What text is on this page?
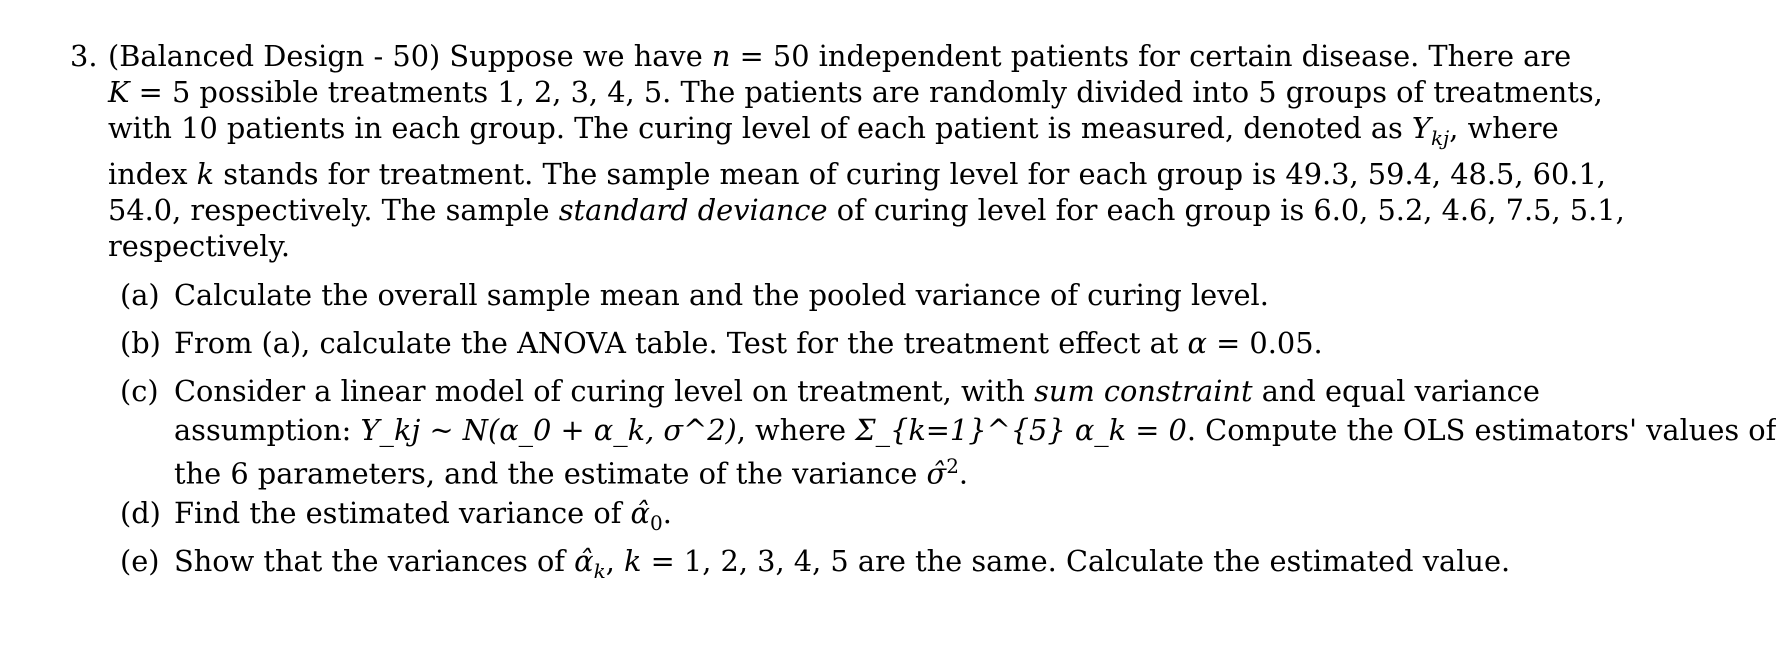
3. (Balanced Design - 50) Suppose we have n = 50 independent patients for certain disease. There are
K = 5 possible treatments 1, 2, 3, 4, 5. The patients are randomly divided into 5 groups of treatments,
with 10 patients in each group. The curing level of each patient is measured, denoted as $Y_{kj}$, where
index k stands for treatment. The sample mean of curing level for each group is 49.3, 59.4, 48.5, 60.1,
54.0, respectively. The sample standard deviance of curing level for each group is 6.0, 5.2, 4.6, 7.5, 5.1,
respectively.
(a) Calculate the overall sample mean and the pooled variance of curing level.
(b) From (a), calculate the ANOVA table. Test for the treatment effect at α = 0.05.
(c) Consider a linear model of curing level on treatment, with sum constraint and equal variance
assumption: Y_kj ~ N(α_0 + α_k, σ^2), where Σ_{k=1}^{5} α_k = 0. Compute the OLS estimators' values of
the 6 parameters, and the estimate of the variance σ̂$^2$.
(d) Find the estimated variance of $\alphâ_0$.
(e) Show that the variances of $\alphâ_k$, k = 1, 2, 3, 4, 5 are the same. Calculate the estimated value.
